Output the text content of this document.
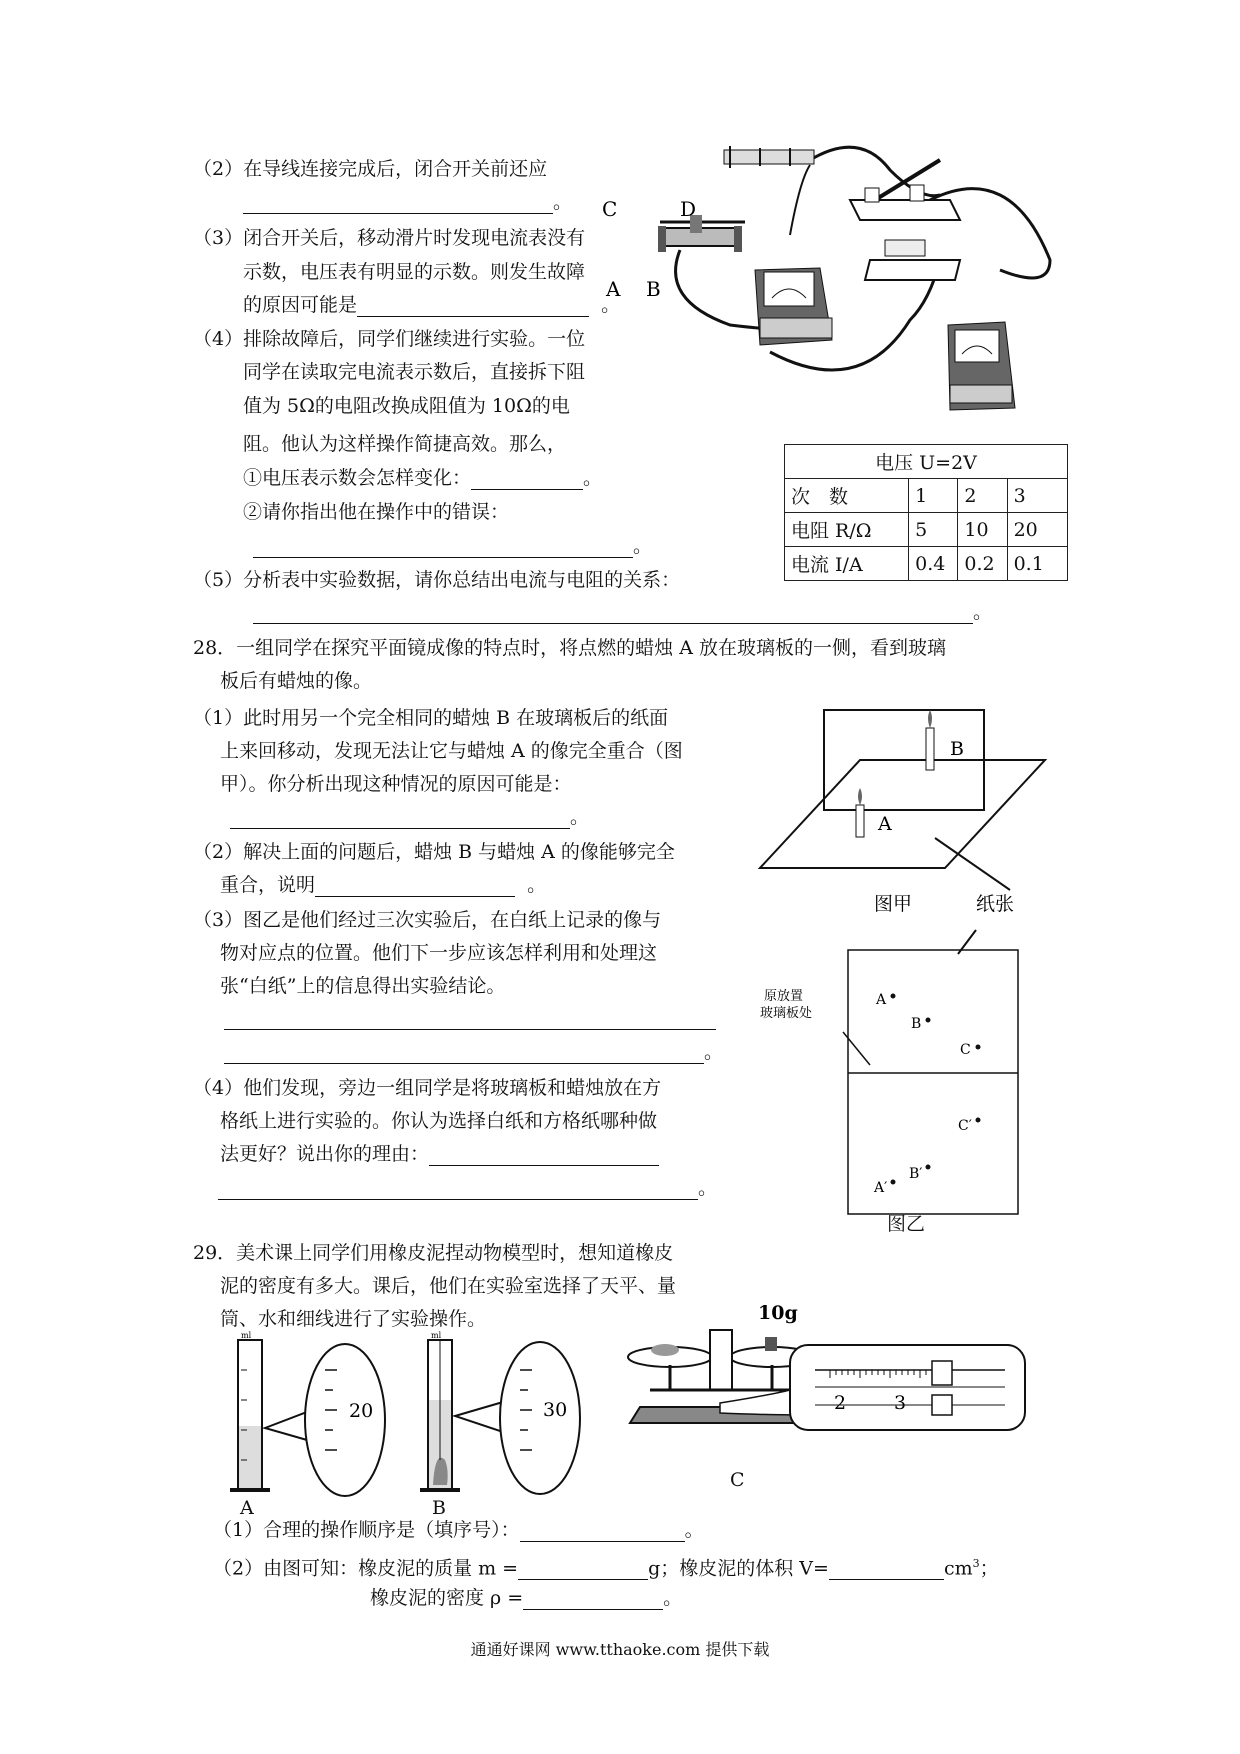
（2）在导线连接完成后，闭合开关前还应
。
（3）闭合开关后，移动滑片时发现电流表没有
示数，电压表有明显的示数。则发生故障
的原因可能是	。
（4）排除故障后，同学们继续进行实验。一位
同学在读取完电流表示数后，直接拆下阻
值为 5Ω的电阻改换成阻值为 10Ω的电
阻。他认为这样操作简捷高效。那么，
①电压表示数会怎样变化：	。
②请你指出他在操作中的错误：
。
（5）分析表中实验数据，请你总结出电流与电阻的关系：
。
C	D
A B
电压 U=2V			
次　数	1	2	3
电阻 R/Ω	5	10	20
电流 I/A	0.4	0.2	0.1
28．一组同学在探究平面镜成像的特点时，将点燃的蜡烛 A 放在玻璃板的一侧，看到玻璃
板后有蜡烛的像。
（1）此时用另一个完全相同的蜡烛 B 在玻璃板后的纸面
上来回移动，发现无法让它与蜡烛 A 的像完全重合（图
甲）。你分析出现这种情况的原因可能是：
。
（2）解决上面的问题后，蜡烛 B 与蜡烛 A 的像能够完全
重合，说明	。
（3）图乙是他们经过三次实验后，在白纸上记录的像与
物对应点的位置。他们下一步应该怎样利用和处理这
张“白纸”上的信息得出实验结论。
。
（4）他们发现，旁边一组同学是将玻璃板和蜡烛放在方
格纸上进行实验的。你认为选择白纸和方格纸哪种做
法更好？说出你的理由：
。
B
A
图甲	纸张
原放置
玻璃板处
A
B
C
A′
B′
C′
图乙
29．美术课上同学们用橡皮泥捏动物模型时，想知道橡皮
泥的密度有多大。课后，他们在实验室选择了天平、量
筒、水和细线进行了实验操作。
20
ml
A
30
ml
B
10g
2	3
C
（1）合理的操作顺序是（填序号）：	。
（2）由图可知：橡皮泥的质量 m =	g；橡皮泥的体积 V=	$cm^3$；
橡皮泥的密度 ρ =	。
通通好课网 www.tthaoke.com 提供下载
